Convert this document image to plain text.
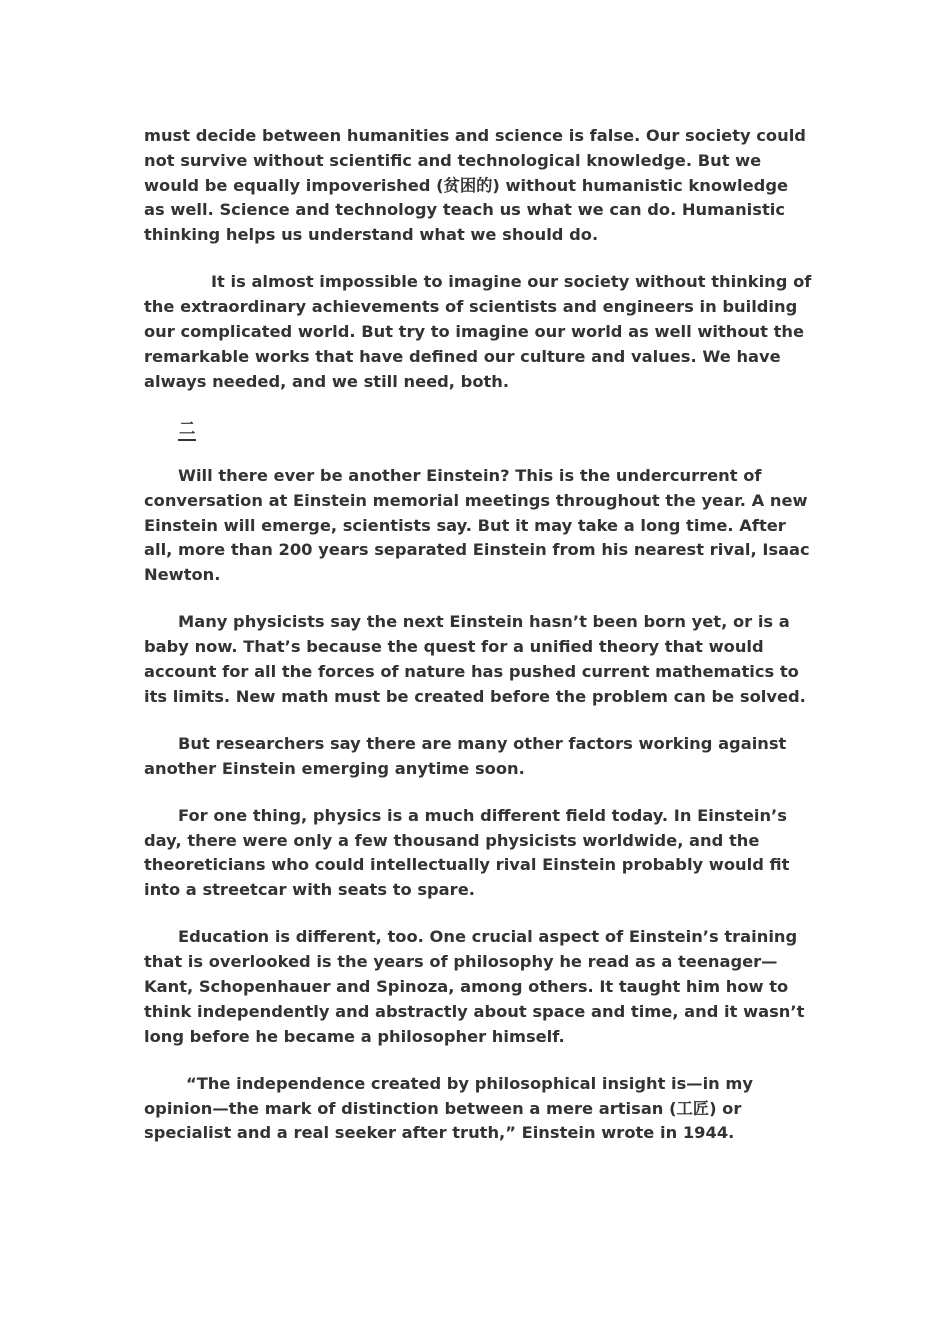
must decide between humanities and science is false. Our society could not survive without scientific and technological knowledge. But we would be equally impoverished (贫困的) without humanistic knowledge as well. Science and technology teach us what we can do. Humanistic thinking helps us understand what we should do.

It is almost impossible to imagine our society without thinking of the extraordinary achievements of scientists and engineers in building our complicated world. But try to imagine our world as well without the remarkable works that have defined our culture and values. We have always needed, and we still need, both.

二

Will there ever be another Einstein? This is the undercurrent of conversation at Einstein memorial meetings throughout the year. A new Einstein will emerge, scientists say. But it may take a long time. After all, more than 200 years separated Einstein from his nearest rival, Isaac Newton.

Many physicists say the next Einstein hasn’t been born yet, or is a baby now. That’s because the quest for a unified theory that would account for all the forces of nature has pushed current mathematics to its limits. New math must be created before the problem can be solved.

But researchers say there are many other factors working against another Einstein emerging anytime soon.

For one thing, physics is a much different field today. In Einstein’s day, there were only a few thousand physicists worldwide, and the theoreticians who could intellectually rival Einstein probably would fit into a streetcar with seats to spare.

Education is different, too. One crucial aspect of Einstein’s training that is overlooked is the years of philosophy he read as a teenager—Kant, Schopenhauer and Spinoza, among others. It taught him how to think independently and abstractly about space and time, and it wasn’t long before he became a philosopher himself.

“The independence created by philosophical insight is—in my opinion—the mark of distinction between a mere artisan (工匠) or specialist and a real seeker after truth,” Einstein wrote in 1944.
